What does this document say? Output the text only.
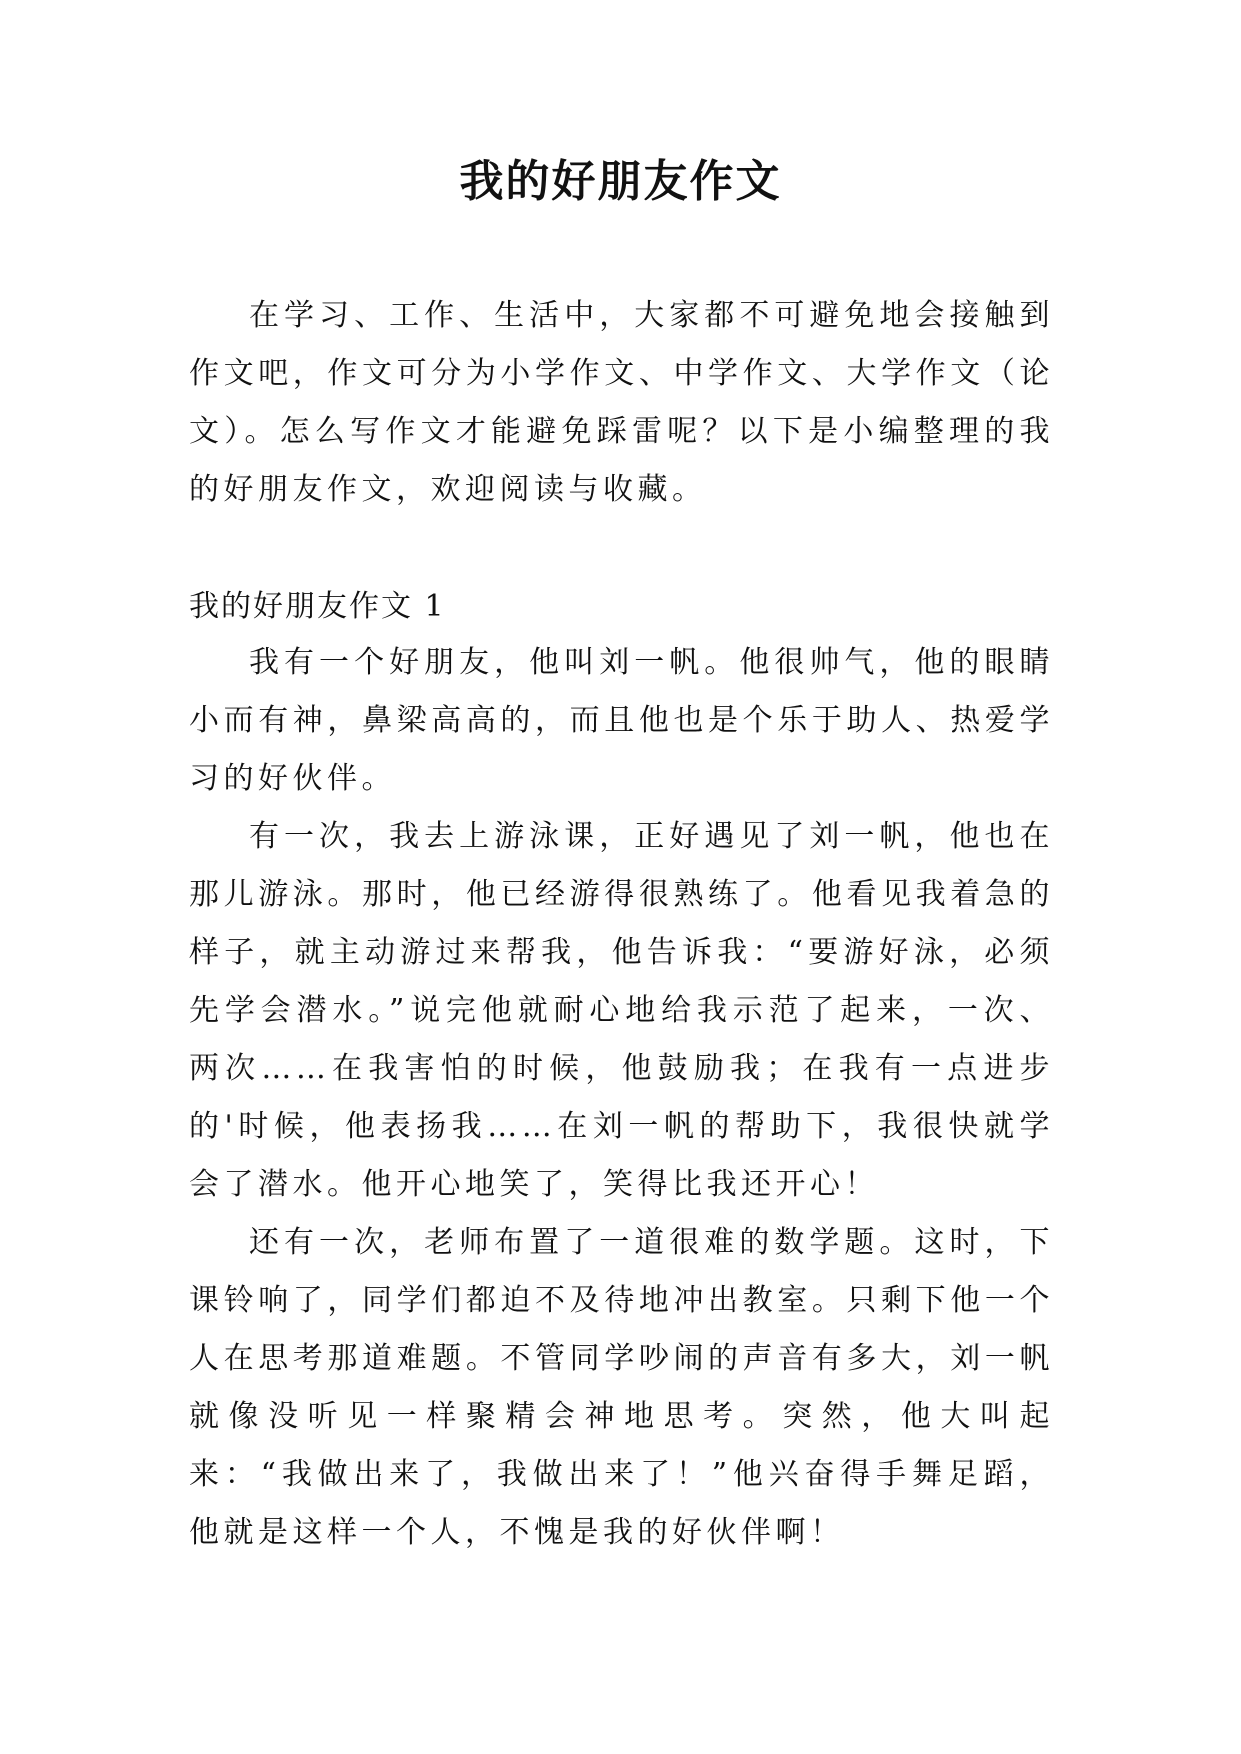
我的好朋友作文

在学习、工作、生活中，大家都不可避免地会接触到作文吧，作文可分为小学作文、中学作文、大学作文（论文）。怎么写作文才能避免踩雷呢？以下是小编整理的我的好朋友作文，欢迎阅读与收藏。

我的好朋友作文 1

我有一个好朋友，他叫刘一帆。他很帅气，他的眼睛小而有神，鼻梁高高的，而且他也是个乐于助人、热爱学习的好伙伴。

有一次，我去上游泳课，正好遇见了刘一帆，他也在那儿游泳。那时，他已经游得很熟练了。他看见我着急的样子，就主动游过来帮我，他告诉我：“要游好泳，必须先学会潜水。”说完他就耐心地给我示范了起来，一次、两次……在我害怕的时候，他鼓励我；在我有一点进步的'时候，他表扬我……在刘一帆的帮助下，我很快就学会了潜水。他开心地笑了，笑得比我还开心！

还有一次，老师布置了一道很难的数学题。这时，下课铃响了，同学们都迫不及待地冲出教室。只剩下他一个人在思考那道难题。不管同学吵闹的声音有多大，刘一帆就像没听见一样聚精会神地思考。突然，他大叫起来：“我做出来了，我做出来了！”他兴奋得手舞足蹈，他就是这样一个人，不愧是我的好伙伴啊！
